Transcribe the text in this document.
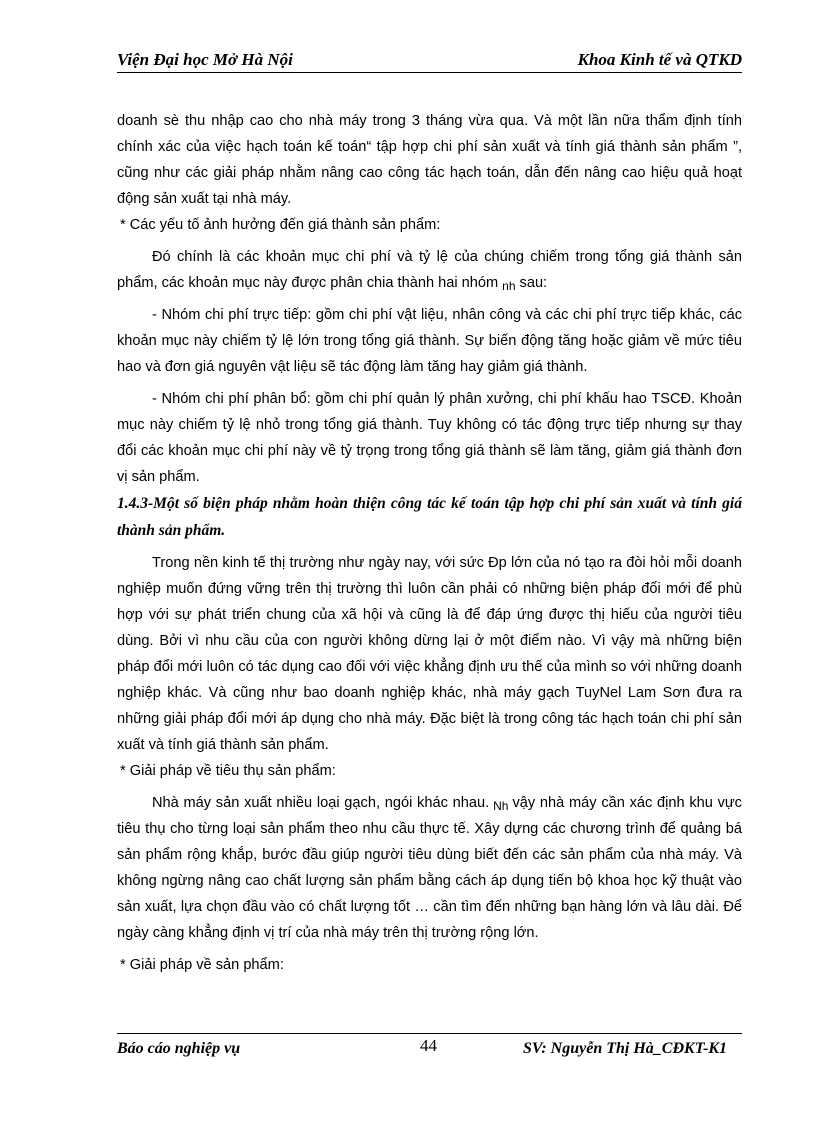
Viện Đại học Mở Hà Nội	Khoa Kinh tế và QTKD

doanh sè thu nhập cao cho nhà máy trong 3 tháng vừa qua. Và một lần nữa thẩm định tính chính xác của việc hạch toán kế toán“ tập hợp chi phí sản xuất và tính giá thành sản phẩm ”, cũng như các giải pháp nhằm nâng cao công tác hạch toán, dẫn đến nâng cao hiệu quả hoạt động sản xuất tại nhà máy.

* Các yếu tố ảnh hưởng đến giá thành sản phẩm:

Đó chính là các khoản mục chi phí và tỷ lệ của chúng chiếm trong tổng giá thành sản phẩm, các khoản mục này được phân chia thành hai nhóm $_{nh}$ sau:

- Nhóm chi phí trực tiếp: gồm chi phí vật liệu, nhân công và các chi phí trực tiếp khác, các khoản mục này chiếm tỷ lệ lớn trong tổng giá thành. Sự biến động tăng hoặc giảm về mức tiêu hao và đơn giá nguyên vật liệu sẽ tác động làm tăng hay giảm giá thành.

- Nhóm chi phí phân bổ: gồm chi phí quản lý phân xưởng, chi phí khấu hao TSCĐ. Khoản mục này chiếm tỷ lệ nhỏ trong tổng giá thành. Tuy không có tác động trực tiếp nhưng sự thay đổi các khoản mục chi phí này về tỷ trọng trong tổng giá thành sẽ làm tăng, giảm giá thành đơn vị sản phẩm.

1.4.3-Một số biện pháp nhằm hoàn thiện công tác kế toán tập hợp chi phí sản xuất và tính giá thành sản phẩm.

Trong nền kinh tế thị trường như ngày nay, với sức Ðp lớn của nó tạo ra đòi hỏi mỗi doanh nghiệp muốn đứng vững trên thị trường thì luôn cần phải có những biện pháp đổi mới để phù hợp với sự phát triển chung của xã hội và cũng là để đáp ứng được thị hiếu của người tiêu dùng. Bởi vì nhu cầu của con người không dừng lại ở một điểm nào. Vì vậy mà những biện pháp đổi mới luôn có tác dụng cao đối với việc khẳng định ưu thế của mình so với những doanh nghiệp khác. Và cũng như bao doanh nghiệp khác, nhà máy gạch TuyNel Lam Sơn đưa ra những giải pháp đổi mới áp dụng cho nhà máy. Đặc biệt là trong công tác hạch toán chi phí sản xuất và tính giá thành sản phẩm.

* Giải pháp về tiêu thụ sản phẩm:

Nhà máy sản xuất nhiều loại gạch, ngói khác nhau. $_{Nh}$ vậy nhà máy cần xác định khu vực tiêu thụ cho từng loại sản phẩm theo nhu cầu thực tế. Xây dựng các chương trình để quảng bá sản phẩm rộng khắp, bước đầu giúp người tiêu dùng biết đến các sản phẩm của nhà máy. Và không ngừng nâng cao chất lượng sản phẩm bằng cách áp dụng tiến bộ khoa học kỹ thuật vào sản xuất, lựa chọn đầu vào có chất lượng tốt … cần tìm đến những bạn hàng lớn và lâu dài. Để ngày càng khẳng định vị trí của nhà máy trên thị trường rộng lớn.

* Giải pháp về sản phẩm:

Báo cáo nghiệp vụ	44	SV: Nguyễn Thị Hà_CĐKT-K1
